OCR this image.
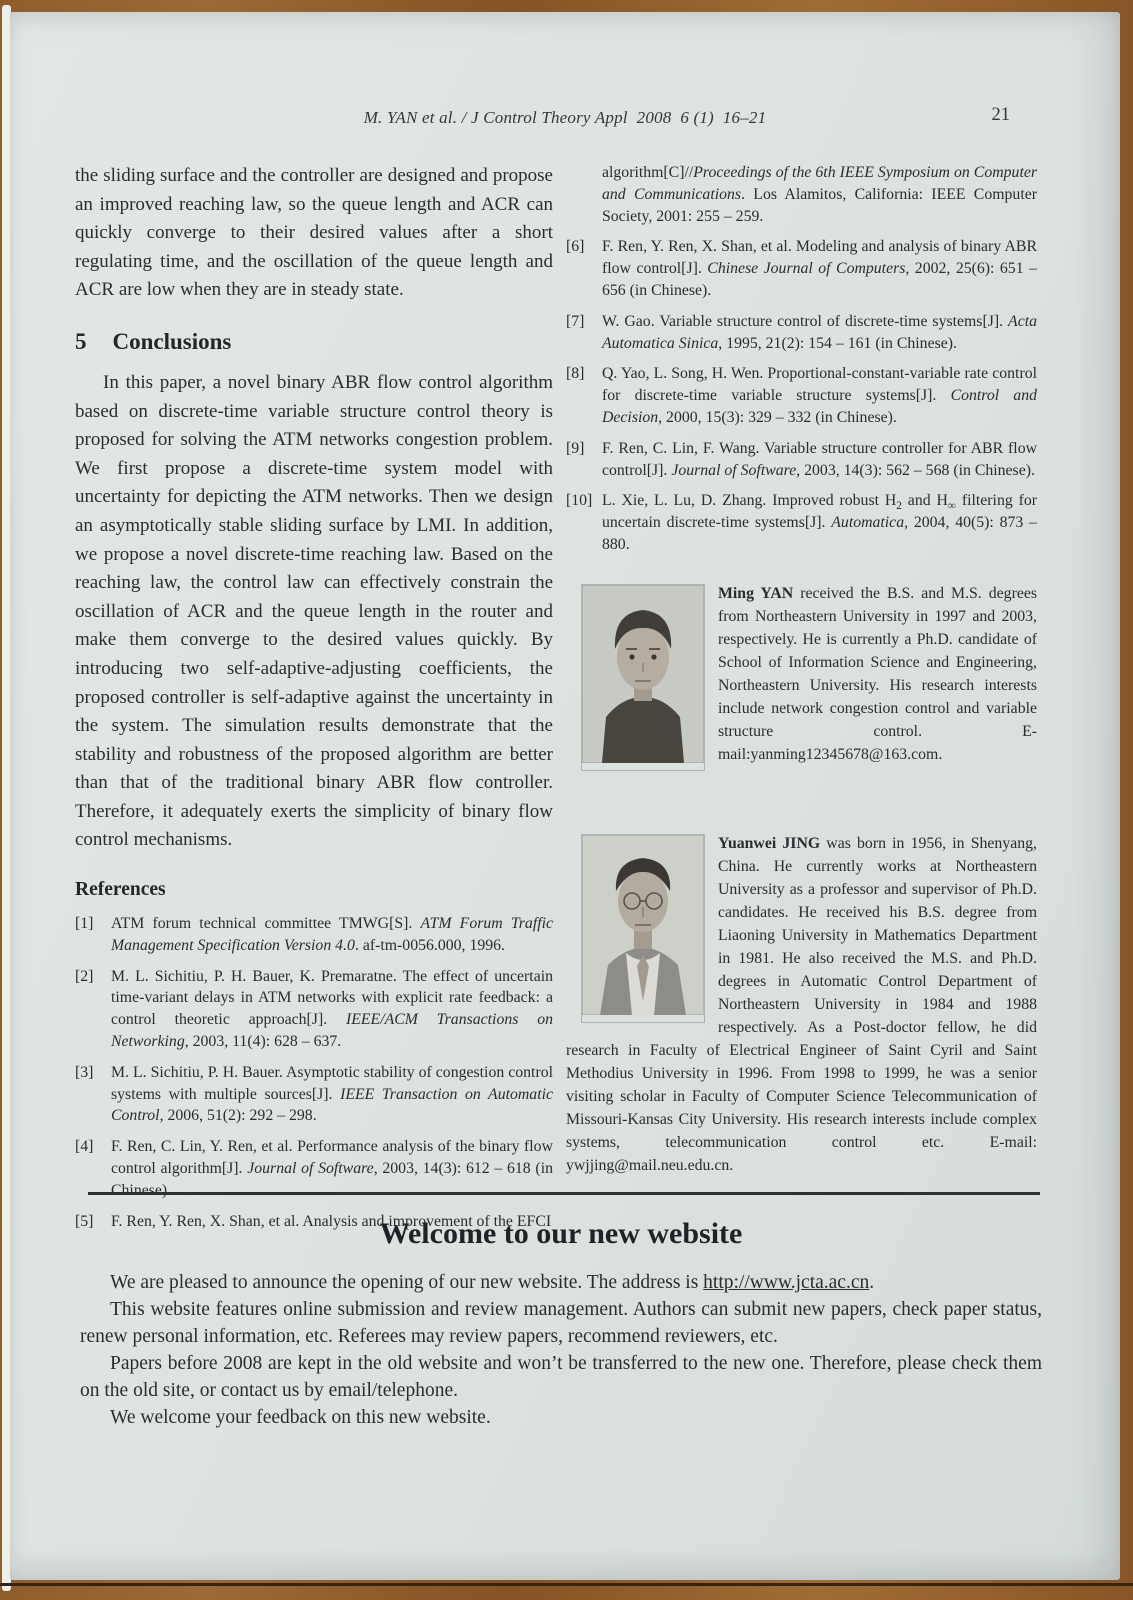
M. YAN et al. / J Control Theory Appl  2008  6 (1)  16–21	21

the sliding surface and the controller are designed and propose an improved reaching law, so the queue length and ACR can quickly converge to their desired values after a short regulating time, and the oscillation of the queue length and ACR are low when they are in steady state.

5 Conclusions

In this paper, a novel binary ABR flow control algorithm based on discrete-time variable structure control theory is proposed for solving the ATM networks congestion problem. We first propose a discrete-time system model with uncertainty for depicting the ATM networks. Then we design an asymptotically stable sliding surface by LMI. In addition, we propose a novel discrete-time reaching law. Based on the reaching law, the control law can effectively constrain the oscillation of ACR and the queue length in the router and make them converge to the desired values quickly. By introducing two self-adaptive-adjusting coefficients, the proposed controller is self-adaptive against the uncertainty in the system. The simulation results demonstrate that the stability and robustness of the proposed algorithm are better than that of the traditional binary ABR flow controller. Therefore, it adequately exerts the simplicity of binary flow control mechanisms.

References
[1] ATM forum technical committee TMWG[S]. ATM Forum Traffic Management Specification Version 4.0. af-tm-0056.000, 1996.
[2] M. L. Sichitiu, P. H. Bauer, K. Premaratne. The effect of uncertain time-variant delays in ATM networks with explicit rate feedback: a control theoretic approach[J]. IEEE/ACM Transactions on Networking, 2003, 11(4): 628 – 637.
[3] M. L. Sichitiu, P. H. Bauer. Asymptotic stability of congestion control systems with multiple sources[J]. IEEE Transaction on Automatic Control, 2006, 51(2): 292 – 298.
[4] F. Ren, C. Lin, Y. Ren, et al. Performance analysis of the binary flow control algorithm[J]. Journal of Software, 2003, 14(3): 612 – 618 (in Chinese).
[5] F. Ren, Y. Ren, X. Shan, et al. Analysis and improvement of the EFCI
algorithm[C]//Proceedings of the 6th IEEE Symposium on Computer and Communications. Los Alamitos, California: IEEE Computer Society, 2001: 255 – 259.
[6] F. Ren, Y. Ren, X. Shan, et al. Modeling and analysis of binary ABR flow control[J]. Chinese Journal of Computers, 2002, 25(6): 651 – 656 (in Chinese).
[7] W. Gao. Variable structure control of discrete-time systems[J]. Acta Automatica Sinica, 1995, 21(2): 154 – 161 (in Chinese).
[8] Q. Yao, L. Song, H. Wen. Proportional-constant-variable rate control for discrete-time variable structure systems[J]. Control and Decision, 2000, 15(3): 329 – 332 (in Chinese).
[9] F. Ren, C. Lin, F. Wang. Variable structure controller for ABR flow control[J]. Journal of Software, 2003, 14(3): 562 – 568 (in Chinese).
[10] L. Xie, L. Lu, D. Zhang. Improved robust $H_2$ and $H_\infty$ filtering for uncertain discrete-time systems[J]. Automatica, 2004, 40(5): 873 – 880.

Ming YAN received the B.S. and M.S. degrees from Northeastern University in 1997 and 2003, respectively. He is currently a Ph.D. candidate of School of Information Science and Engineering, Northeastern University. His research interests include network congestion control and variable structure control. E-mail:yanming12345678@163.com.

Yuanwei JING was born in 1956, in Shenyang, China. He currently works at Northeastern University as a professor and supervisor of Ph.D. candidates. He received his B.S. degree from Liaoning University in Mathematics Department in 1981. He also received the M.S. and Ph.D. degrees in Automatic Control Department of Northeastern University in 1984 and 1988 respectively. As a Post-doctor fellow, he did research in Faculty of Electrical Engineer of Saint Cyril and Saint Methodius University in 1996. From 1998 to 1999, he was a senior visiting scholar in Faculty of Computer Science Telecommunication of Missouri-Kansas City University. His research interests include complex systems, telecommunication control etc. E-mail: ywjjing@mail.neu.edu.cn.

Welcome to our new website

We are pleased to announce the opening of our new website. The address is http://www.jcta.ac.cn.

This website features online submission and review management. Authors can submit new papers, check paper status, renew personal information, etc. Referees may review papers, recommend reviewers, etc.

Papers before 2008 are kept in the old website and won’t be transferred to the new one. Therefore, please check them on the old site, or contact us by email/telephone.

We welcome your feedback on this new website.
